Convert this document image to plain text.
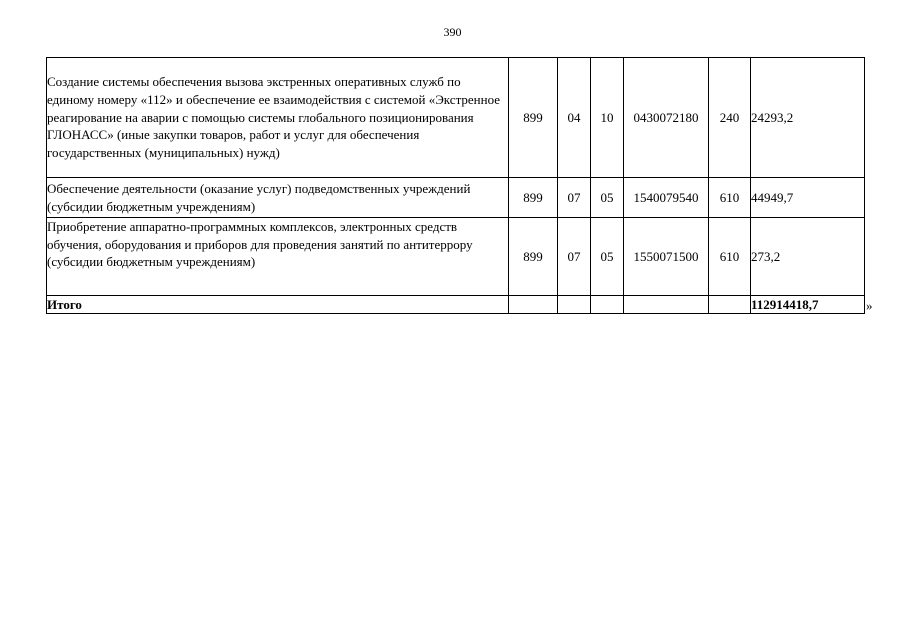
390
Создание системы обеспечения вызова экстренных оперативных служб по единому номеру «112» и обеспечение ее взаимодействия с системой «Экстренное реагирование на аварии с помощью системы глобального позиционирования ГЛОНАСС» (иные закупки товаров, работ и услуг для обеспечения государственных (муниципальных) нужд)	899	04	10	0430072180	240	24293,2
Обеспечение деятельности (оказание услуг) подведомственных учреждений (субсидии бюджетным учреждениям)	899	07	05	1540079540	610	44949,7
Приобретение аппаратно-программных комплексов, электронных средств обучения, оборудования и приборов для проведения занятий по антитеррору (субсидии бюджетным учреждениям)	899	07	05	1550071500	610	273,2
Итого						112914418,7	»
